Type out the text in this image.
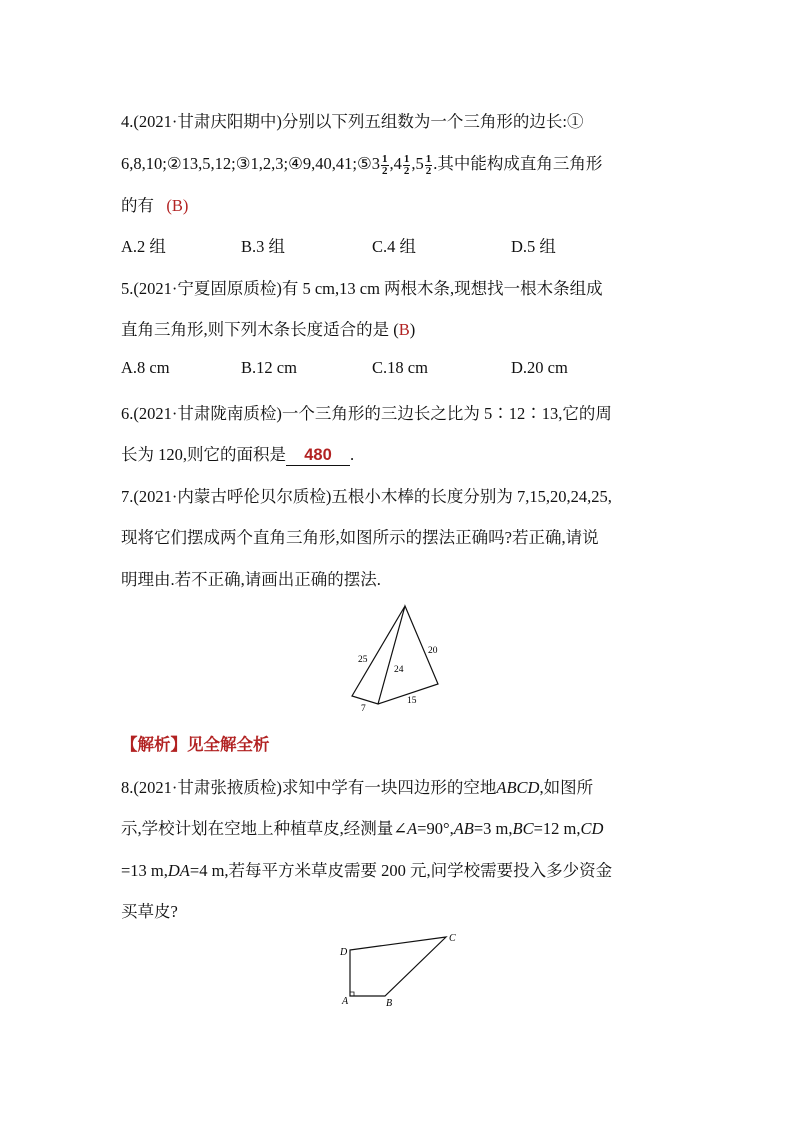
4.(2021·甘肃庆阳期中)分别以下列五组数为一个三角形的边长:①
6,8,10;②13,5,12;③1,2,3;④9,40,41;⑤3 $\frac{1}{2} ,4 \frac{1}{2} ,5 \frac{1}{2}$ .其中能构成直角三角形
的有 (B)
A.2 组	B.3 组	C.4 组	D.5 组
5.(2021·宁夏固原质检)有 5 cm,13 cm 两根木条,现想找一根木条组成
直角三角形,则下列木条长度适合的是 (B)
A.8 cm	B.12 cm	C.18 cm	D.20 cm
6.(2021·甘肃陇南质检)一个三角形的三边长之比为 5∶12∶13,它的周
长为 120,则它的面积是 480 .
7.(2021·内蒙古呼伦贝尔质检)五根小木棒的长度分别为 7,15,20,24,25,
现将它们摆成两个直角三角形,如图所示的摆法正确吗?若正确,请说
明理由.若不正确,请画出正确的摆法.
25
24
20
7
15
【解析】见全解全析
8.(2021·甘肃张掖质检)求知中学有一块四边形的空地ABCD,如图所
示,学校计划在空地上种植草皮,经测量∠A=90°,AB=3 m,BC=12 m,CD
=13 m,DA=4 m,若每平方米草皮需要 200 元,问学校需要投入多少资金
买草皮?
D
C
A	B
